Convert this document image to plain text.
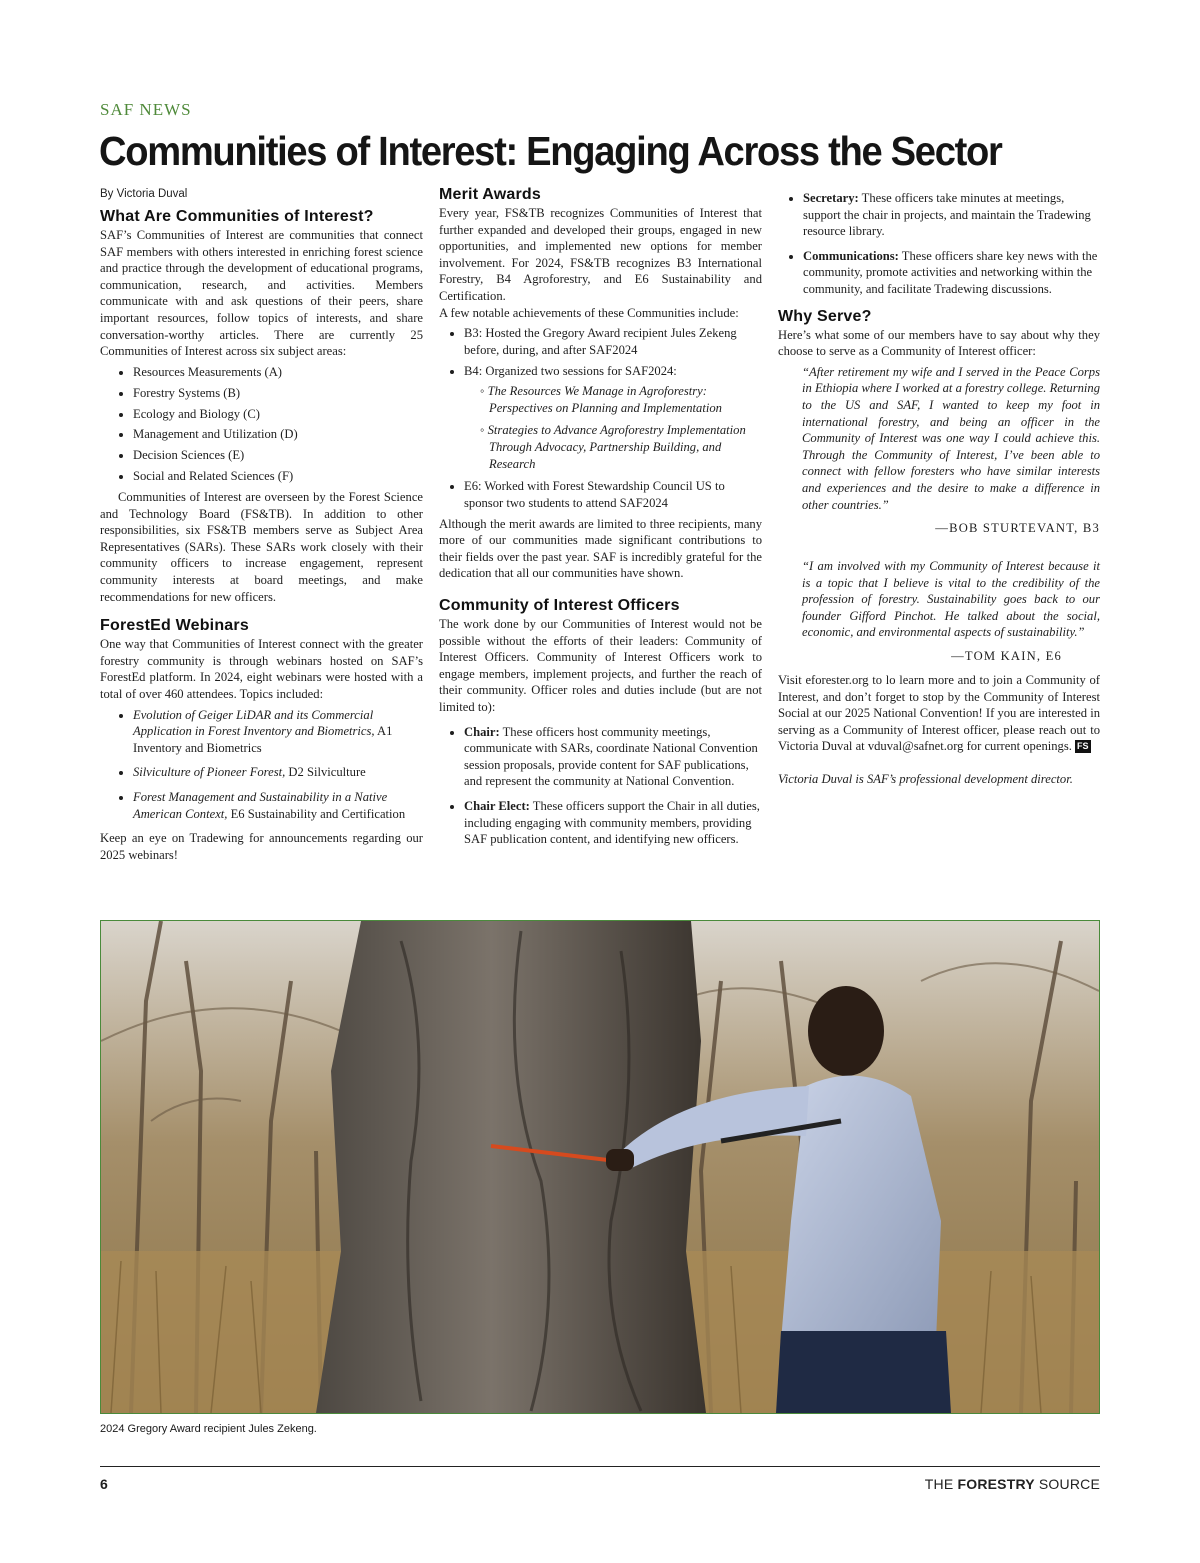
SAF NEWS
Communities of Interest: Engaging Across the Sector
By Victoria Duval
What Are Communities of Interest?

SAF’s Communities of Interest are communities that connect SAF members with others interested in enriching forest science and practice through the development of educational programs, communication, research, and activities. Members communicate with and ask questions of their peers, share important resources, follow topics of interests, and share conversation-worthy articles. There are currently 25 Communities of Interest across six subject areas:

• Resources Measurements (A)
• Forestry Systems (B)
• Ecology and Biology (C)
• Management and Utilization (D)
• Decision Sciences (E)
• Social and Related Sciences (F)

Communities of Interest are overseen by the Forest Science and Technology Board (FS&TB). In addition to other responsibilities, six FS&TB members serve as Subject Area Representatives (SARs). These SARs work closely with their community officers to increase engagement, represent community interests at board meetings, and make recommendations for new officers.

ForestEd Webinars

One way that Communities of Interest connect with the greater forestry community is through webinars hosted on SAF’s ForestEd platform. In 2024, eight webinars were hosted with a total of over 460 attendees. Topics included:

• Evolution of Geiger LiDAR and its Commercial Application in Forest Inventory and Biometrics, A1 Inventory and Biometrics
• Silviculture of Pioneer Forest, D2 Silviculture
• Forest Management and Sustainability in a Native American Context, E6 Sustainability and Certification

Keep an eye on Tradewing for announcements regarding our 2025 webinars!

Merit Awards

Every year, FS&TB recognizes Communities of Interest that further expanded and developed their groups, engaged in new opportunities, and implemented new options for member involvement. For 2024, FS&TB recognizes B3 International Forestry, B4 Agroforestry, and E6 Sustainability and Certification.

A few notable achievements of these Communities include:

• B3: Hosted the Gregory Award recipient Jules Zekeng before, during, and after SAF2024
• B4: Organized two sessions for SAF2024:
◦ The Resources We Manage in Agroforestry: Perspectives on Planning and Implementation
◦ Strategies to Advance Agroforestry Implementation Through Advocacy, Partnership Building, and Research
• E6: Worked with Forest Stewardship Council US to sponsor two students to attend SAF2024

Although the merit awards are limited to three recipients, many more of our communities made significant contributions to their fields over the past year. SAF is incredibly grateful for the dedication that all our communities have shown.

Community of Interest Officers

The work done by our Communities of Interest would not be possible without the efforts of their leaders: Community of Interest Officers. Community of Interest Officers work to engage members, implement projects, and further the reach of their community. Officer roles and duties include (but are not limited to):

• Chair: These officers host community meetings, communicate with SARs, coordinate National Convention session proposals, provide content for SAF publications, and represent the community at National Convention.
• Chair Elect: These officers support the Chair in all duties, including engaging with community members, providing SAF publication content, and identifying new officers.
• Secretary: These officers take minutes at meetings, support the chair in projects, and maintain the Tradewing resource library.
• Communications: These officers share key news with the community, promote activities and networking within the community, and facilitate Tradewing discussions.
Why Serve?

Here’s what some of our members have to say about why they choose to serve as a Community of Interest officer:

“After retirement my wife and I served in the Peace Corps in Ethiopia where I worked at a forestry college. Returning to the US and SAF, I wanted to keep my foot in international forestry, and being an officer in the Community of Interest was one way I could achieve this. Through the Community of Interest, I’ve been able to connect with fellow foresters who have similar interests and experiences and the desire to make a difference in other countries.”
—BOB STURTEVANT, B3
“I am involved with my Community of Interest because it is a topic that I believe is vital to the credibility of the profession of forestry. Sustainability goes back to our founder Gifford Pinchot. He talked about the social, economic, and environmental aspects of sustainability.”
—TOM KAIN, E6

Visit eforester.org to lo learn more and to join a Community of Interest, and don’t forget to stop by the Community of Interest Social at our 2025 National Convention! If you are interested in serving as a Community of Interest officer, please reach out to Victoria Duval at vduval@safnet.org for current openings. FS

Victoria Duval is SAF’s professional development director.

2024 Gregory Award recipient Jules Zekeng.
6	THE FORESTRY SOURCE
